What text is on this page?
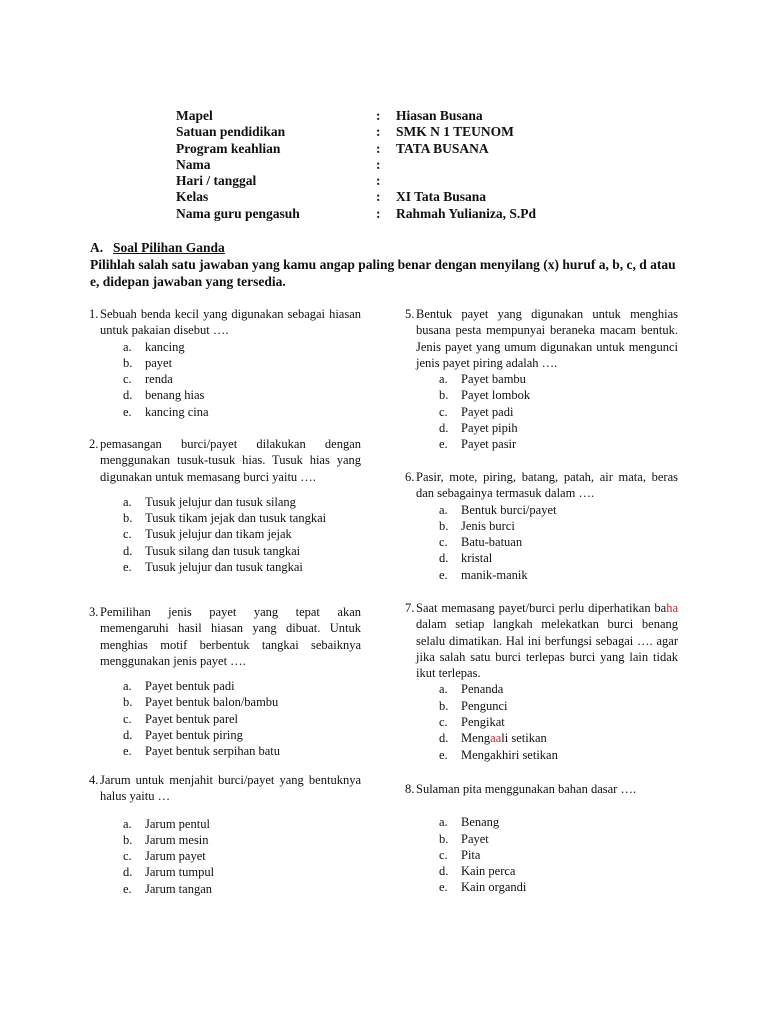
Mapel	:	Hiasan Busana
Satuan pendidikan	:	SMK N 1 TEUNOM
Program keahlian	:	TATA BUSANA
Nama	:
Hari / tanggal	:
Kelas	:	XI Tata Busana
Nama guru pengasuh	:	Rahmah Yulianiza, S.Pd
A. Soal Pilihan Ganda
Pilihlah salah satu jawaban yang kamu angap paling benar dengan menyilang (x) huruf a, b, c, d atau e, didepan jawaban yang tersedia.
1. Sebuah benda kecil yang digunakan sebagai hiasan untuk pakaian disebut ….
a.	kancing
b.	payet
c.	renda
d.	benang hias
e.	kancing cina
2. pemasangan burci/payet dilakukan dengan menggunakan tusuk-tusuk hias. Tusuk hias yang digunakan untuk memasang burci yaitu ….
a.	Tusuk jelujur dan tusuk silang
b.	Tusuk tikam jejak dan tusuk tangkai
c.	Tusuk jelujur dan tikam jejak
d.	Tusuk silang dan tusuk tangkai
e.	Tusuk jelujur dan tusuk tangkai
3. Pemilihan jenis payet yang tepat akan memengaruhi hasil hiasan yang dibuat. Untuk menghias motif berbentuk tangkai sebaiknya menggunakan jenis payet ….
a.	Payet bentuk padi
b.	Payet bentuk balon/bambu
c.	Payet bentuk parel
d.	Payet bentuk piring
e.	Payet bentuk serpihan batu
4. Jarum untuk menjahit burci/payet yang bentuknya halus yaitu …
a.	Jarum pentul
b.	Jarum mesin
c.	Jarum payet
d.	Jarum tumpul
e.	Jarum tangan
5. Bentuk payet yang digunakan untuk menghias busana pesta mempunyai beraneka macam bentuk. Jenis payet yang umum digunakan untuk mengunci jenis payet piring adalah ….
a.	Payet bambu
b.	Payet lombok
c.	Payet padi
d.	Payet pipih
e.	Payet pasir
6. Pasir, mote, piring, batang, patah, air mata, beras dan sebagainya termasuk dalam ….
a.	Bentuk burci/payet
b.	Jenis burci
c.	Batu-batuan
d.	kristal
e.	manik-manik
7. Saat memasang payet/burci perlu diperhatikan baha dalam setiap langkah melekatkan burci benang selalu dimatikan. Hal ini berfungsi sebagai …. agar jika salah satu burci terlepas burci yang lain tidak ikut terlepas.
a.	Penanda
b.	Pengunci
c.	Pengikat
d.	Mengaali setikan
e.	Mengakhiri setikan
8. Sulaman pita menggunakan bahan dasar ….
a.	Benang
b.	Payet
c.	Pita
d.	Kain perca
e.	Kain organdi
